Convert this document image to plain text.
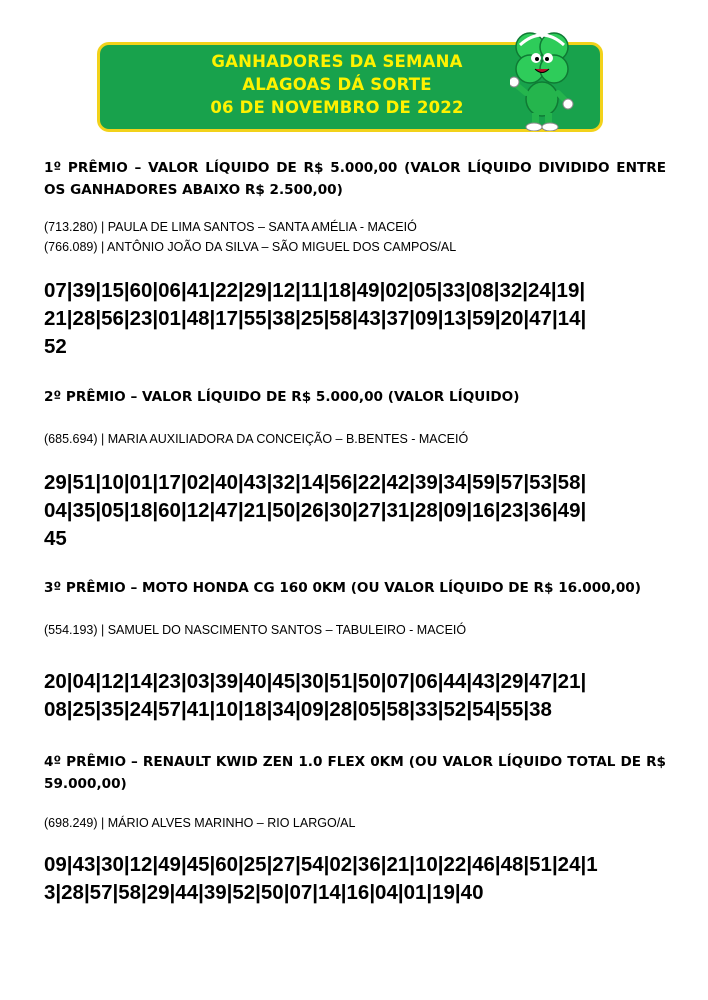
GANHADORES DA SEMANA
ALAGOAS DÁ SORTE
06 DE NOVEMBRO DE 2022

1º PRÊMIO – VALOR LÍQUIDO DE R$ 5.000,00 (VALOR LÍQUIDO DIVIDIDO ENTRE OS GANHADORES ABAIXO R$ 2.500,00)

(713.280) | PAULA DE LIMA SANTOS – SANTA AMÉLIA - MACEIÓ

(766.089) | ANTÔNIO JOÃO DA SILVA – SÃO MIGUEL DOS CAMPOS/AL

07|39|15|60|06|41|22|29|12|11|18|49|02|05|33|08|32|24|19|

21|28|56|23|01|48|17|55|38|25|58|43|37|09|13|59|20|47|14|

52

2º PRÊMIO – VALOR LÍQUIDO DE R$ 5.000,00 (VALOR LÍQUIDO)

(685.694) | MARIA AUXILIADORA DA CONCEIÇÃO – B.BENTES - MACEIÓ

29|51|10|01|17|02|40|43|32|14|56|22|42|39|34|59|57|53|58|

04|35|05|18|60|12|47|21|50|26|30|27|31|28|09|16|23|36|49|

45

3º PRÊMIO – MOTO HONDA CG 160 0KM (OU VALOR LÍQUIDO DE R$ 16.000,00)

(554.193) | SAMUEL DO NASCIMENTO SANTOS – TABULEIRO - MACEIÓ

20|04|12|14|23|03|39|40|45|30|51|50|07|06|44|43|29|47|21|

08|25|35|24|57|41|10|18|34|09|28|05|58|33|52|54|55|38

4º PRÊMIO – RENAULT KWID ZEN 1.0 FLEX 0KM (OU VALOR LÍQUIDO TOTAL DE R$ 59.000,00)

(698.249) | MÁRIO ALVES MARINHO – RIO LARGO/AL

09|43|30|12|49|45|60|25|27|54|02|36|21|10|22|46|48|51|24|1

3|28|57|58|29|44|39|52|50|07|14|16|04|01|19|40
